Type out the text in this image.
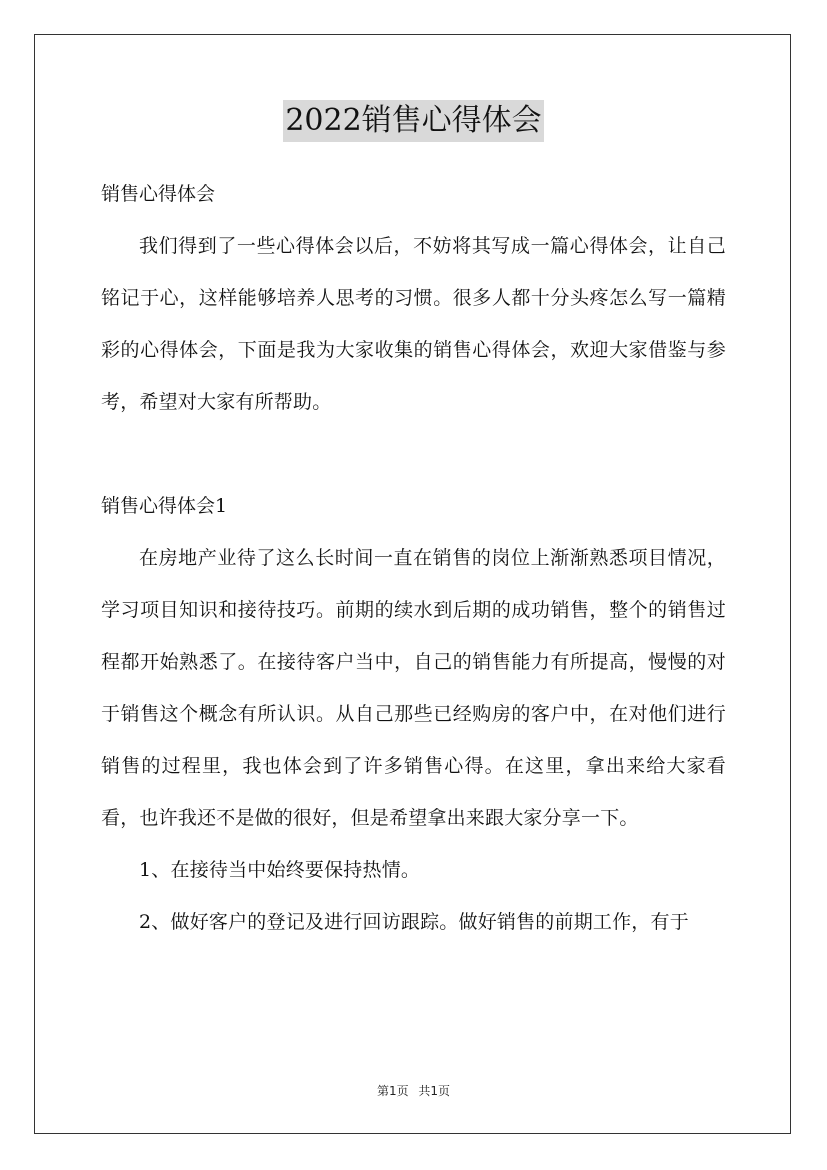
2022销售心得体会

销售心得体会

我们得到了一些心得体会以后，不妨将其写成一篇心得体会，让自己铭记于心，这样能够培养人思考的习惯。很多人都十分头疼怎么写一篇精彩的心得体会，下面是我为大家收集的销售心得体会，欢迎大家借鉴与参考，希望对大家有所帮助。

销售心得体会1

在房地产业待了这么长时间一直在销售的岗位上渐渐熟悉项目情况，学习项目知识和接待技巧。前期的续水到后期的成功销售，整个的销售过程都开始熟悉了。在接待客户当中，自己的销售能力有所提高，慢慢的对于销售这个概念有所认识。从自己那些已经购房的客户中，在对他们进行销售的过程里，我也体会到了许多销售心得。在这里，拿出来给大家看看，也许我还不是做的很好，但是希望拿出来跟大家分享一下。

1、在接待当中始终要保持热情。

2、做好客户的登记及进行回访跟踪。做好销售的前期工作，有于

第1页 共1页
